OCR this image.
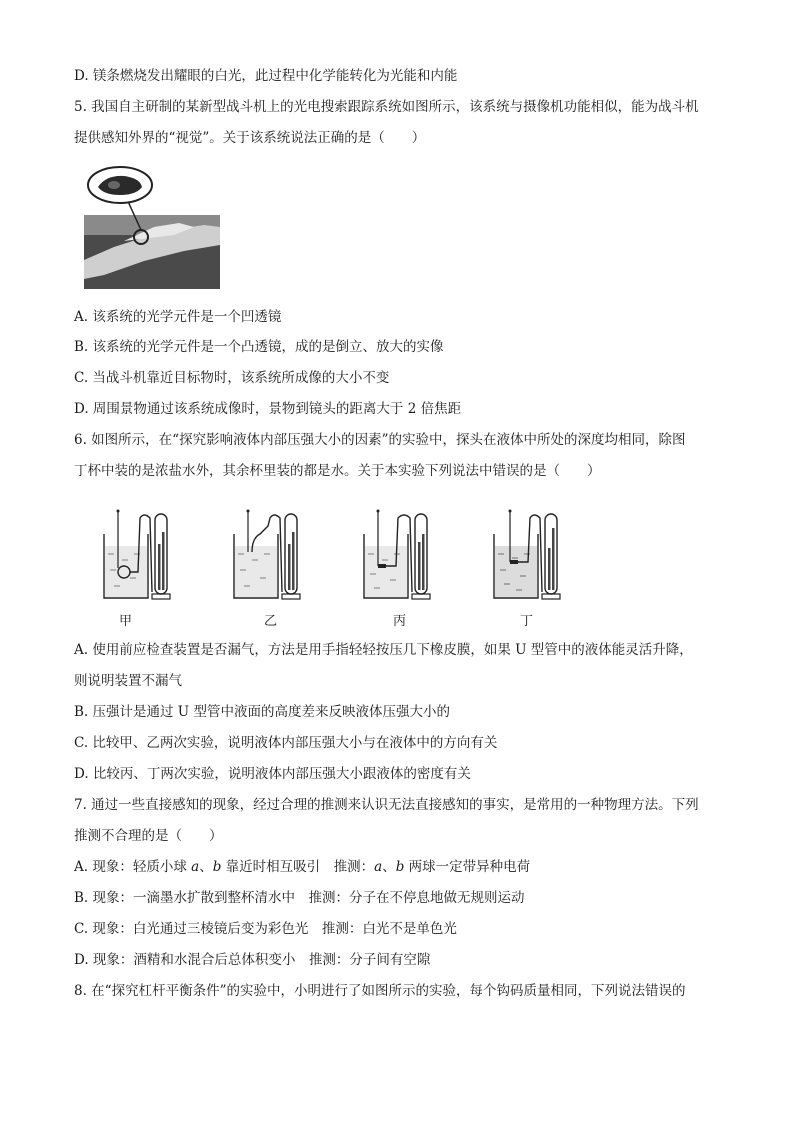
D. 镁条燃烧发出耀眼的白光，此过程中化学能转化为光能和内能
5. 我国自主研制的某新型战斗机上的光电搜索跟踪系统如图所示，该系统与摄像机功能相似，能为战斗机
提供感知外界的“视觉”。关于该系统说法正确的是（　　）
A. 该系统的光学元件是一个凹透镜
B. 该系统的光学元件是一个凸透镜，成的是倒立、放大的实像
C. 当战斗机靠近目标物时，该系统所成像的大小不变
D. 周围景物通过该系统成像时，景物到镜头的距离大于 2 倍焦距
6. 如图所示，在“探究影响液体内部压强大小的因素”的实验中，探头在液体中所处的深度均相同，除图
丁杯中装的是浓盐水外，其余杯里装的都是水。关于本实验下列说法中错误的是（　　）
甲	乙	丙	丁
A. 使用前应检查装置是否漏气，方法是用手指轻轻按压几下橡皮膜，如果 U 型管中的液体能灵活升降，
则说明装置不漏气
B. 压强计是通过 U 型管中液面的高度差来反映液体压强大小的
C. 比较甲、乙两次实验，说明液体内部压强大小与在液体中的方向有关
D. 比较丙、丁两次实验，说明液体内部压强大小跟液体的密度有关
7. 通过一些直接感知的现象，经过合理的推测来认识无法直接感知的事实，是常用的一种物理方法。下列
推测不合理的是（　　）
A. 现象：轻质小球 a、b 靠近时相互吸引　推测：a、b 两球一定带异种电荷
B. 现象：一滴墨水扩散到整杯清水中　推测：分子在不停息地做无规则运动
C. 现象：白光通过三棱镜后变为彩色光　推测：白光不是单色光
D. 现象：酒精和水混合后总体积变小　推测：分子间有空隙
8. 在“探究杠杆平衡条件”的实验中，小明进行了如图所示的实验，每个钩码质量相同，下列说法错误的
